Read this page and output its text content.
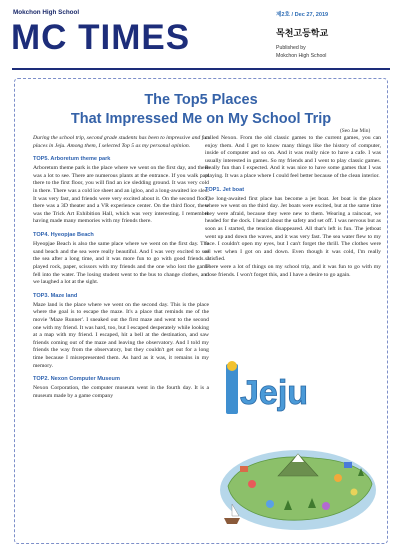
Mokchon High School
MC TIMES
제2호 / Dec 27, 2019
목천고등학교
Published by
Mokchon High School
The Top5 Places
That Impressed Me on My School Trip
(Seo Jae Min)

During the school trip, second grade students has been to impressive and fun places in Jeju. Among them, I selected Top 5 as my personal opinion.

TOP5. Arboretum theme park

Arboretum theme park is the place where we went on the first day, and there was a lot to see. There are numerous plants at the entrance. If you walk past there to the first floor, you will find an ice sledding ground. It was very cold in there. There was a cold ice sheet and an igloo, and a long-awaited ice sled. It was very fast, and friends were very excited about it. On the second floor, there was a 3D theater and a VR experience center. On the third floor, there was the Trick Art Exhibition Hall, which was very interesting. I remember having made many memories with my friends there.

TOP4. Hyeopjae Beach

Hyeopjae Beach is also the same place where we went on the first day. The sand beach and the sea were really beautiful. And I was very excited to see the sea after a long time, and it was more fun to go with good friends. I played rock, paper, scissors with my friends and the one who lost the game fell into the water. The losing student went to the bus to change clothes, and we laughed a lot at the sight.

TOP3. Maze land

Maze land is the place where we went on the second day. This is the place where the goal is to escape the maze. It's a place that reminds me of the movie 'Maze Runner'. I sneaked out the first maze and went to the second one with my friend. It was hard, too, but I escaped desperately while looking at a map with my friend. I escaped, hit a bell at the destination, and saw friends coming out of the maze and leaving the observatory. And I told my friends the way from the observatory, but they couldn't get out for a long time because I misrepresented them. As hard as it was, it remains in my memory.

TOP2. Nexon Computer Museum

Nexon Corporation, the computer museum went in the fourth day. It is a museum made by a game company

called Nexon. From the old classic games to the current games, you can enjoy them. And I get to know many things like the history of computer, inside of computer and so on. And it was really nice to have a cafe. I was usually interested in games. So my friends and I went to play classic games. Really fun than I expected. And it was nice to have some games that I was playing. It was a place where I could feel better because of the clean interior.

TOP1. Jet boat

The long-awaited first place has become a jet boat. Jet boat is the place where we went on the third day. Jet boats were excited, but at the same time they were afraid, because they were new to them. Wearing a raincoat, we headed for the dock. I heard about the safety and set off. I was nervous but as soon as I started, the tension disappeared. All that's left is fun. The jetboat went up and down the waves, and it was very fast. The sea water flew to my face. I couldn't open my eyes, but I can't forget the thrill. The clothes were all wet when I got on and down. Even though it was cold, I'm really satisfied.

There were a lot of things on my school trip, and it was fun to go with my close friends. I won't forget this, and I have a desire to go again.

Jeju
